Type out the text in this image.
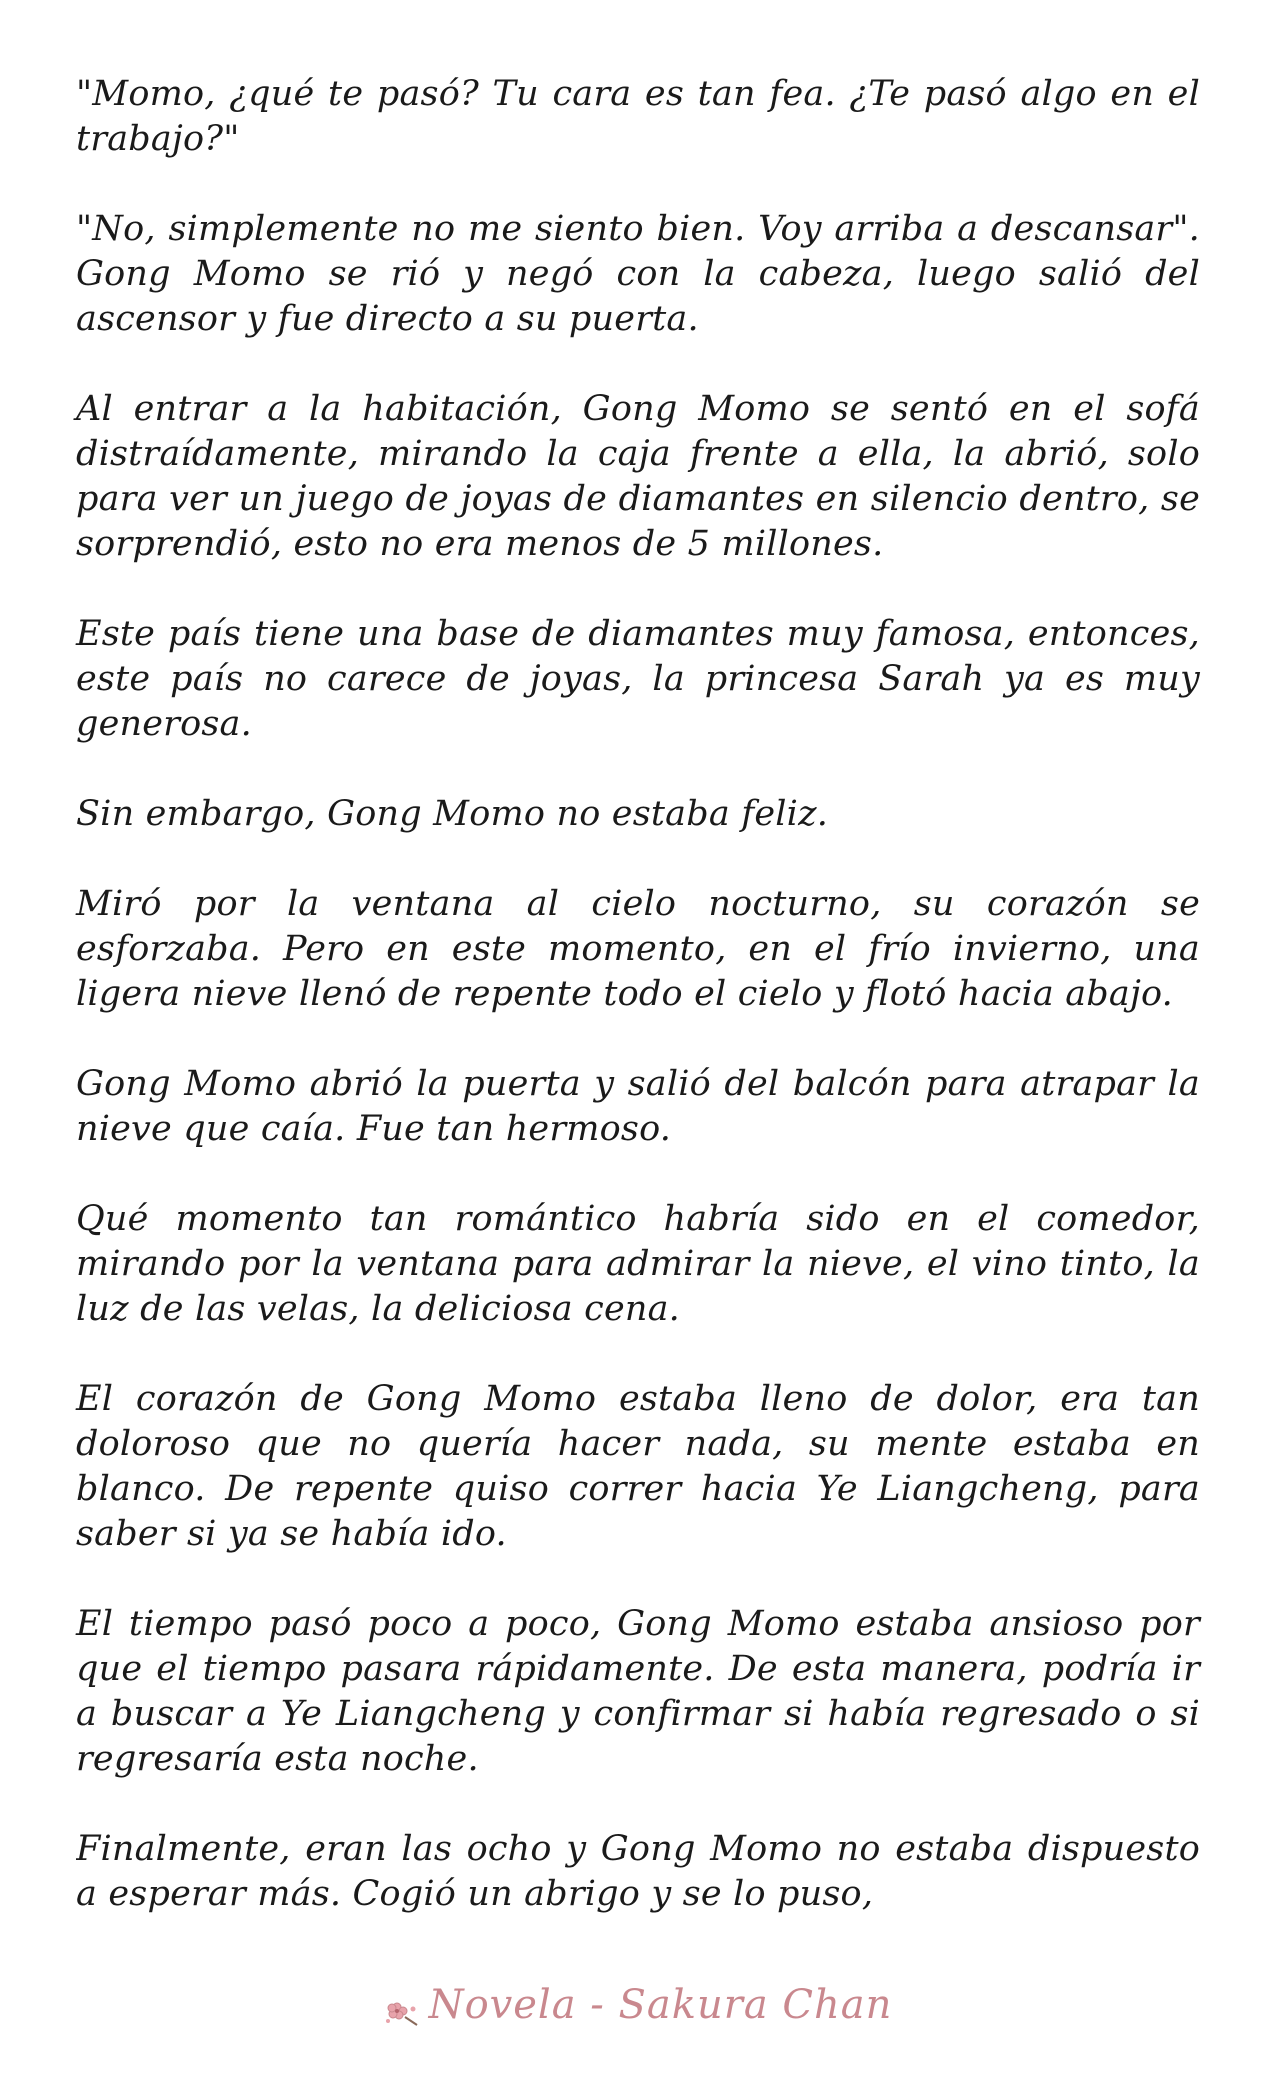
"Momo, ¿qué te pasó? Tu cara es tan fea. ¿Te pasó algo en el trabajo?"

"No, simplemente no me siento bien. Voy arriba a descansar". Gong Momo se rió y negó con la cabeza, luego salió del ascensor y fue directo a su puerta.

Al entrar a la habitación, Gong Momo se sentó en el sofá distraídamente, mirando la caja frente a ella, la abrió, solo para ver un juego de joyas de diamantes en silencio dentro, se sorprendió, esto no era menos de 5 millones.

Este país tiene una base de diamantes muy famosa, entonces, este país no carece de joyas, la princesa Sarah ya es muy generosa.

Sin embargo, Gong Momo no estaba feliz.

Miró por la ventana al cielo nocturno, su corazón se esforzaba. Pero en este momento, en el frío invierno, una ligera nieve llenó de repente todo el cielo y flotó hacia abajo.

Gong Momo abrió la puerta y salió del balcón para atrapar la nieve que caía. Fue tan hermoso.

Qué momento tan romántico habría sido en el comedor, mirando por la ventana para admirar la nieve, el vino tinto, la luz de las velas, la deliciosa cena.

El corazón de Gong Momo estaba lleno de dolor, era tan doloroso que no quería hacer nada, su mente estaba en blanco. De repente quiso correr hacia Ye Liangcheng, para saber si ya se había ido.

El tiempo pasó poco a poco, Gong Momo estaba ansioso por que el tiempo pasara rápidamente. De esta manera, podría ir a buscar a Ye Liangcheng y confirmar si había regresado o si regresaría esta noche.

Finalmente, eran las ocho y Gong Momo no estaba dispuesto a esperar más. Cogió un abrigo y se lo puso,

Novela - Sakura Chan
